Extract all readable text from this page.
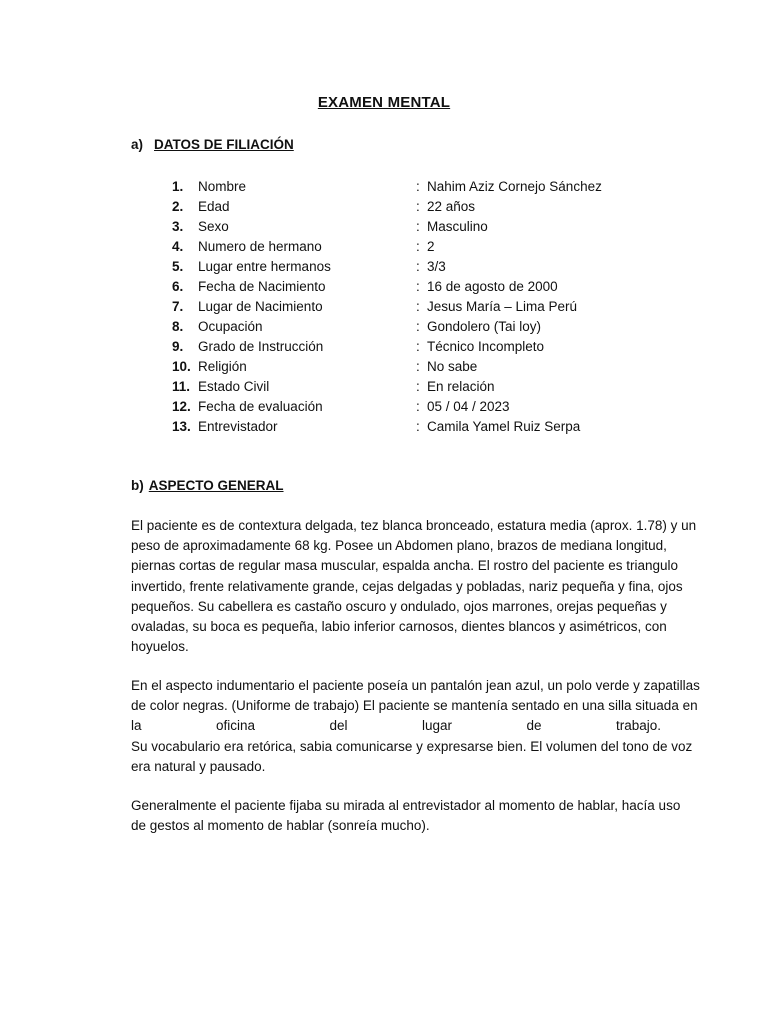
EXAMEN MENTAL
a) DATOS DE FILIACIÓN
1.	Nombre	: Nahim Aziz Cornejo Sánchez
2.	Edad	: 22 años
3.	Sexo	: Masculino
4.	Numero de hermano	: 2
5.	Lugar entre hermanos	: 3/3
6.	Fecha de Nacimiento	: 16 de agosto de 2000
7.	Lugar de Nacimiento	: Jesus María – Lima Perú
8.	Ocupación	: Gondolero (Tai loy)
9.	Grado de Instrucción	: Técnico Incompleto
10. Religión	: No sabe
11. Estado Civil	: En relación
12. Fecha de evaluación	: 05 / 04 / 2023
13. Entrevistador	: Camila Yamel Ruiz Serpa
b) ASPECTO GENERAL
El paciente es de contextura delgada, tez blanca bronceado, estatura media (aprox. 1.78) y un
peso de aproximadamente 68 kg. Posee un Abdomen plano, brazos de mediana longitud,
piernas cortas de regular masa muscular, espalda ancha. El rostro del paciente es triangulo
invertido, frente relativamente grande, cejas delgadas y pobladas, nariz pequeña y fina, ojos
pequeños. Su cabellera es castaño oscuro y ondulado, ojos marrones, orejas pequeñas y
ovaladas, su boca es pequeña, labio inferior carnosos, dientes blancos y asimétricos, con
hoyuelos.
En el aspecto indumentario el paciente poseía un pantalón jean azul, un polo verde y zapatillas
de color negras. (Uniforme de trabajo) El paciente se mantenía sentado en una silla situada en
la oficina del lugar de trabajo.
Su vocabulario era retórica, sabia comunicarse y expresarse bien. El volumen del tono de voz
era natural y pausado.
Generalmente el paciente fijaba su mirada al entrevistador al momento de hablar, hacía uso
de gestos al momento de hablar (sonreía mucho).
